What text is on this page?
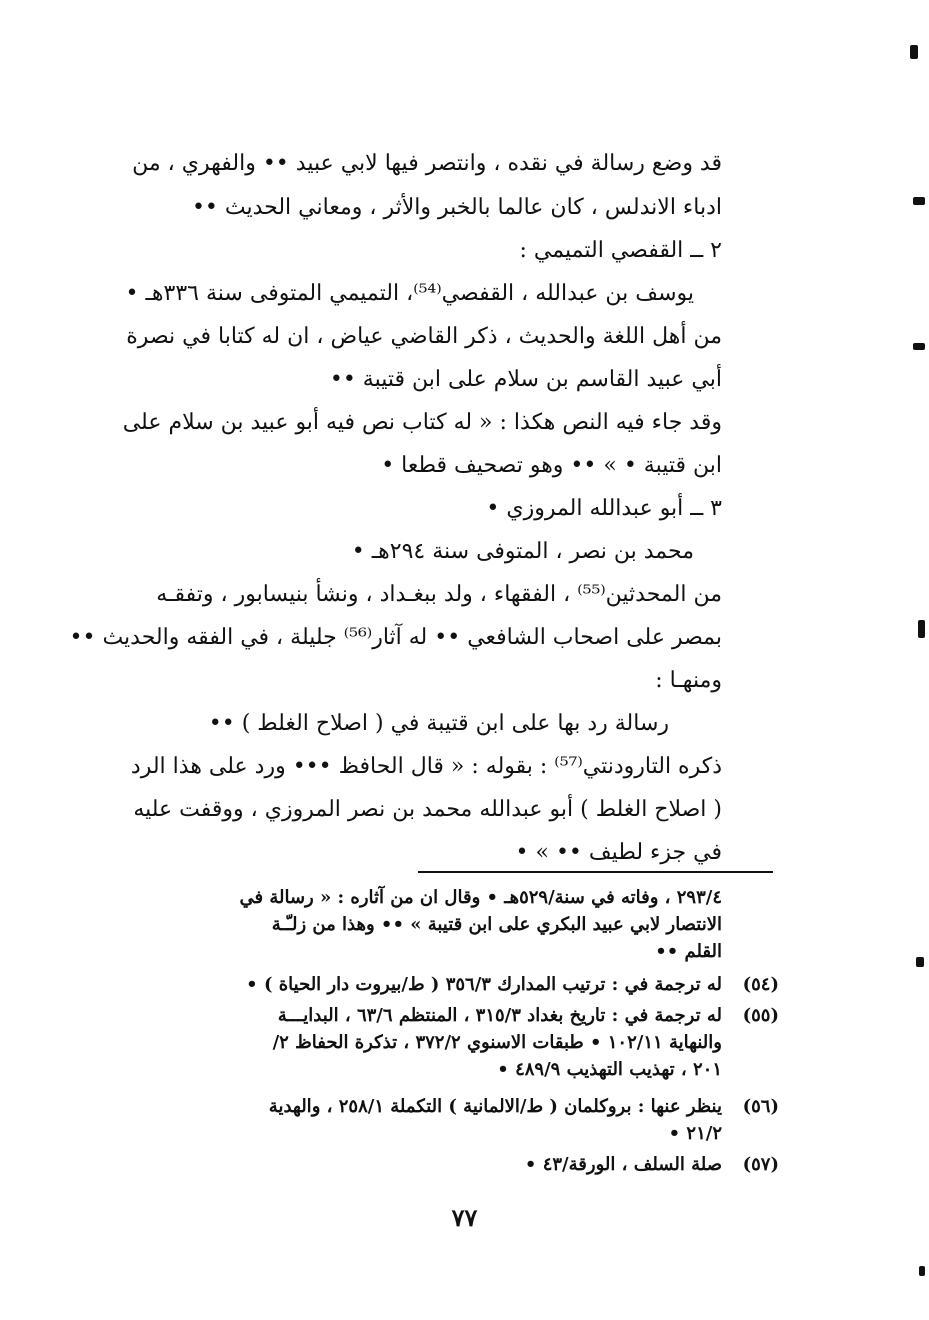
قد وضع رسالة في نقده ، وانتصر فيها لابي عبيد •• والفهري ، من
ادباء الاندلس ، كان عالما بالخبر والأثر ، ومعاني الحديث ••
٢ ــ القفصي التميمي :
يوسف بن عبدالله ، القفصي⁽⁵⁴⁾، التميمي المتوفى سنة ٣٣٦هـ •
من أهل اللغة والحديث ، ذكر القاضي عياض ، ان له كتابا في نصرة
أبي عبيد القاسم بن سلام على ابن قتيبة ••
وقد جاء فيه النص هكذا : « له كتاب نص فيه أبو عبيد بن سلام على
ابن قتيبة • » •• وهو تصحيف قطعا •
٣ ــ أبو عبدالله المروزي •
محمد بن نصر ، المتوفى سنة ٢٩٤هـ •
من المحدثين⁽⁵⁵⁾ ، الفقهاء ، ولد ببغـداد ، ونشأ بنيسابور ، وتفقـه
بمصر على اصحاب الشافعي •• له آثار⁽⁵⁶⁾ جليلة ، في الفقه والحديث ••
ومنهـا :
رسالة رد بها على ابن قتيبة في ( اصلاح الغلط ) ••
ذكره التارودنتي⁽⁵⁷⁾ : بقوله : « قال الحافظ ••• ورد على هذا الرد
( اصلاح الغلط ) أبو عبدالله محمد بن نصر المروزي ، ووقفت عليه
في جزء لطيف •• » •
٢٩٣/٤ ، وفاته في سنة/٥٢٩هـ • وقال ان من آثاره : « رسالة في
الانتصار لابي عبيد البكري على ابن قتيبة » •• وهذا من زلـّـة
القلم ••
(٥٤)
له ترجمة في : ترتيب المدارك ٣٥٦/٣ ( ط/بيروت دار الحياة ) •
(٥٥)
له ترجمة في : تاريخ بغداد ٣١٥/٣ ، المنتظم ٦٣/٦ ، البدايـــة
والنهاية ١٠٢/١١ • طبقات الاسنوي ٣٧٢/٢ ، تذكرة الحفاظ ٢/
٢٠١ ، تهذيب التهذيب ٤٨٩/٩ •
(٥٦)
ينظر عنها : بروكلمان ( ط/الالمانية ) التكملة ٢٥٨/١ ، والهدية
٢١/٢ •
(٥٧)
صلة السلف ، الورقة/٤٣ •
٧٧
